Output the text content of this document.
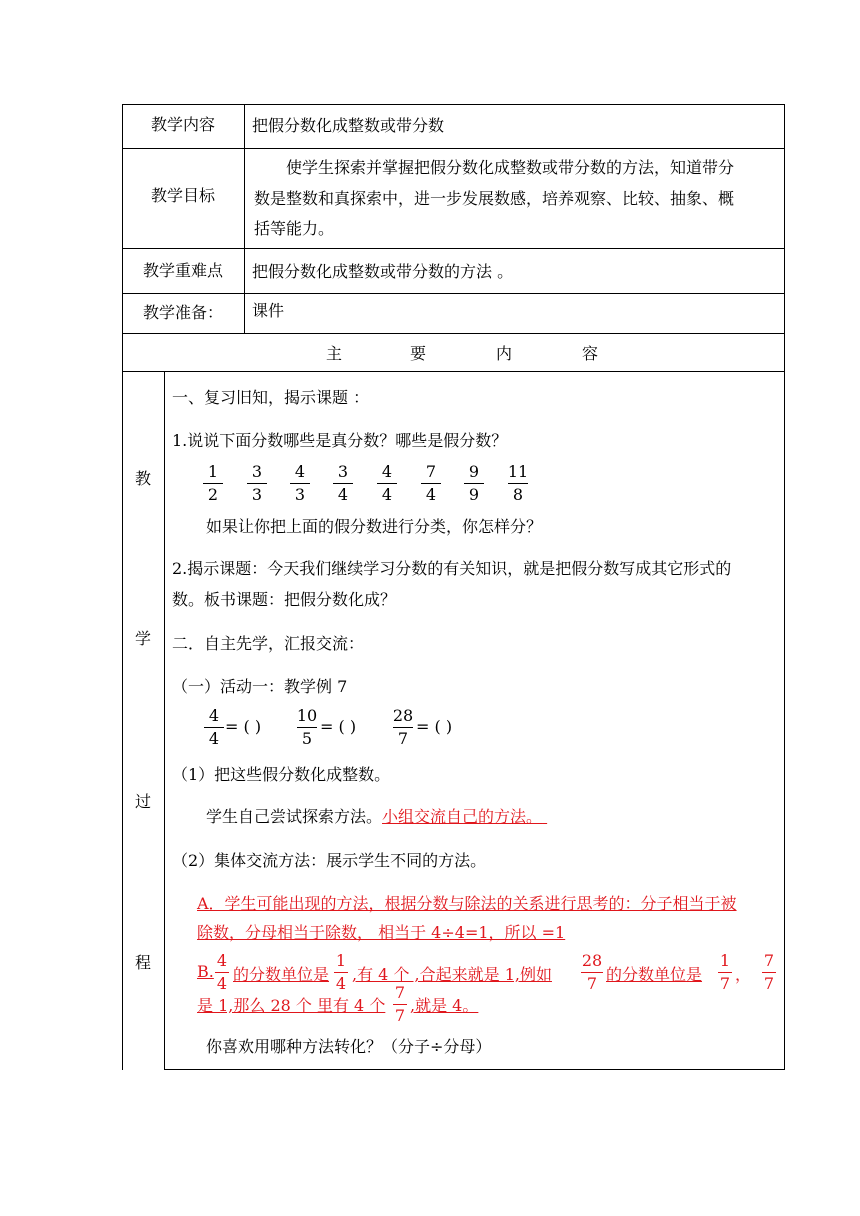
教学内容	把假分数化成整数或带分数
教学目标
使学生探索并掌握把假分数化成整数或带分数的方法，知道带分
数是整数和真探索中，进一步发展数感，培养观察、比较、抽象、概
括等能力。
教学重难点	把假分数化成整数或带分数的方法 。
教学准备：	课件
主	要	内	容
教
学
过
程
一、复习旧知，揭示课题 ：
1.说说下面分数哪些是真分数？哪些是假分数？
1
2
3
3
4
3
3
4
4
4
7
4
9
9
11
8
如果让你把上面的假分数进行分类，你怎样分？
2.揭示课题：今天我们继续学习分数的有关知识，就是把假分数写成其它形式的
数。板书课题：把假分数化成？
二．自主先学，汇报交流：
（一）活动一：教学例 7
4
4
= ( )
10
5
= ( )
28
7
= ( )
（1）把这些假分数化成整数。
学生自己尝试探索方法。小组交流自己的方法。
（2）集体交流方法：展示学生不同的方法。
A．学生可能出现的方法，根据分数与除法的关系进行思考的：分子相当于被
除数，分母相当于除数， 相当于 4÷4=1，所以 =1
B.
4
4 的分数单位是
1
4 ,有 4 个 ,合起来就是 1,例如
28
7 的分数单位是
1
7 ，
7
7
是 1,那么 28 个 里有 4 个
7
7
,就是 4。
你喜欢用哪种方法转化？（分子÷分母）
